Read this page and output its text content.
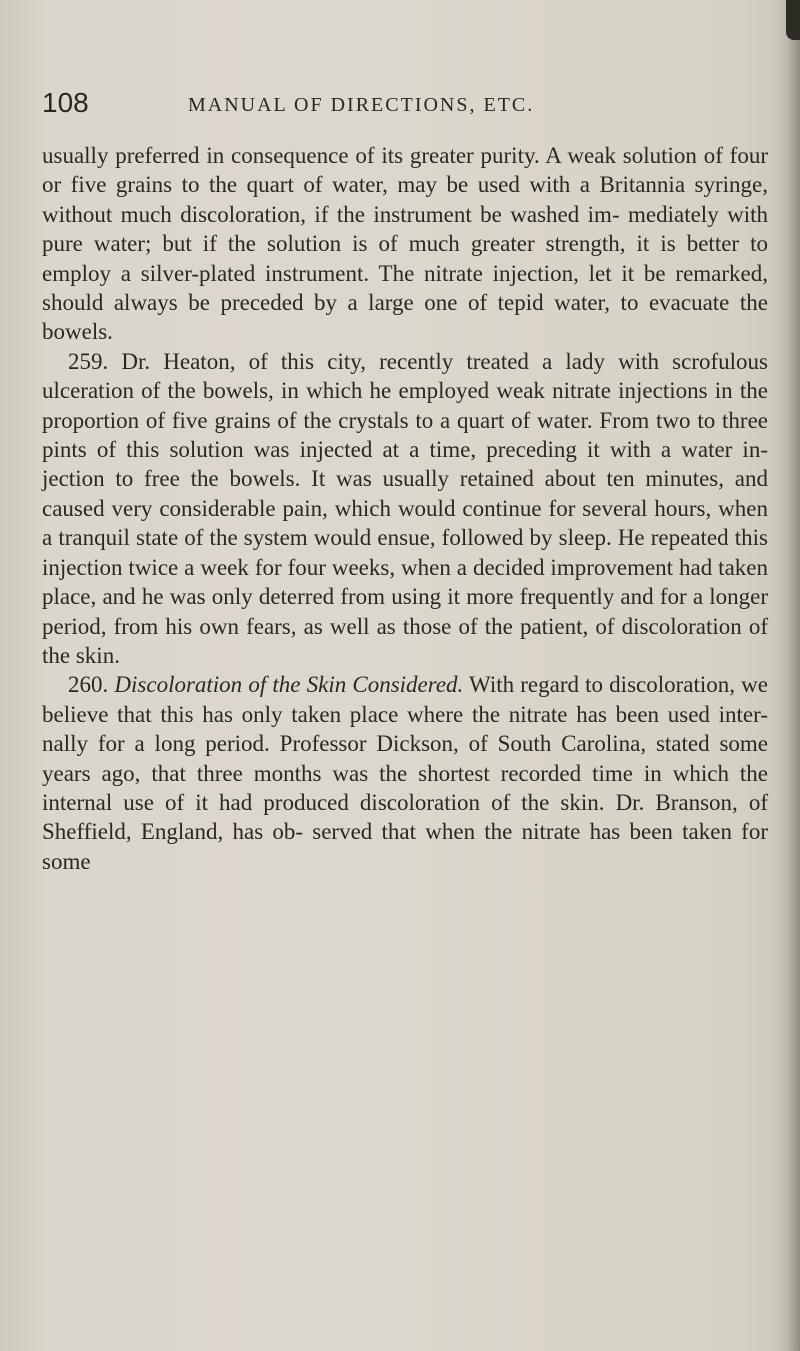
108	MANUAL OF DIRECTIONS, ETC.

usually preferred in consequence of its greater purity. A weak solution of four or five grains to the quart of water, may be used with a Britannia syringe, without much discoloration, if the instrument be washed im- mediately with pure water; but if the solution is of much greater strength, it is better to employ a silver-plated instrument. The nitrate injection, let it be remarked, should always be preceded by a large one of tepid water, to evacuate the bowels.

259. Dr. Heaton, of this city, recently treated a lady with scrofulous ulceration of the bowels, in which he employed weak nitrate injections in the proportion of five grains of the crystals to a quart of water. From two to three pints of this solution was injected at a time, preceding it with a water in- jection to free the bowels. It was usually retained about ten minutes, and caused very considerable pain, which would continue for several hours, when a tranquil state of the system would ensue, followed by sleep. He repeated this injection twice a week for four weeks, when a decided improvement had taken place, and he was only deterred from using it more frequently and for a longer period, from his own fears, as well as those of the patient, of discoloration of the skin.

260. Discoloration of the Skin Considered. With regard to discoloration, we believe that this has only taken place where the nitrate has been used inter- nally for a long period. Professor Dickson, of South Carolina, stated some years ago, that three months was the shortest recorded time in which the internal use of it had produced discoloration of the skin. Dr. Branson, of Sheffield, England, has ob- served that when the nitrate has been taken for some
